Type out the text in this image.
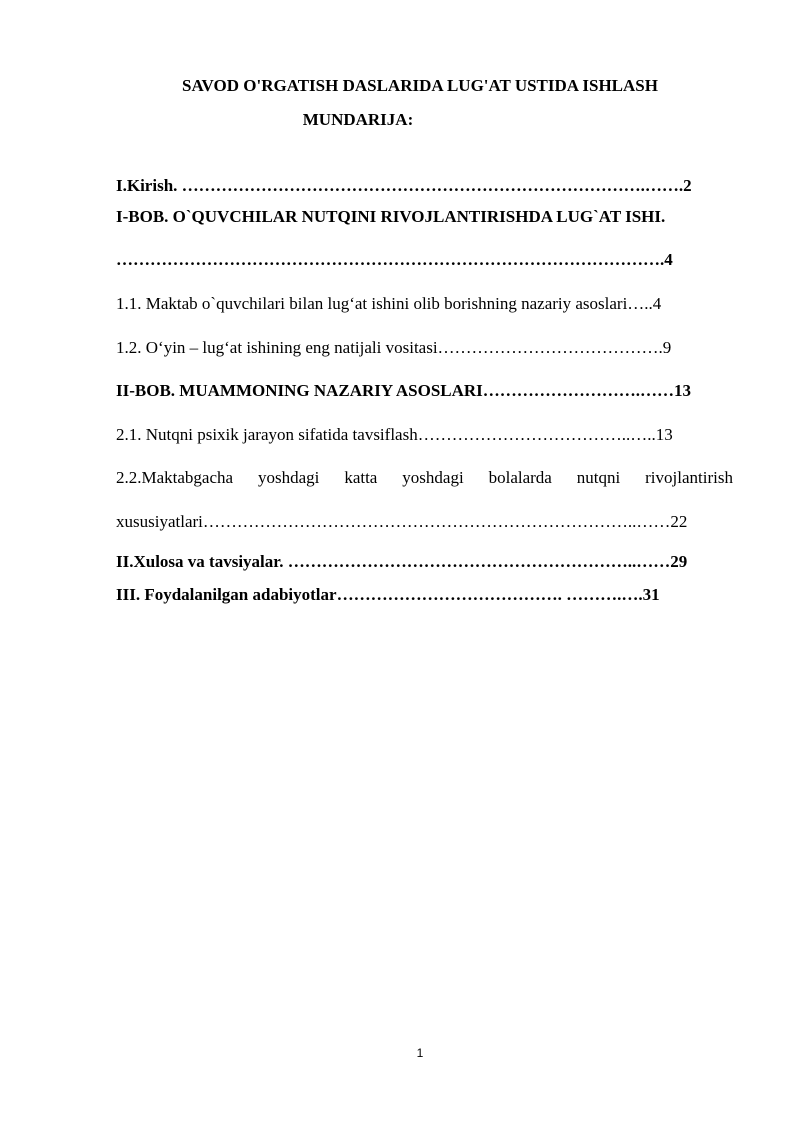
SAVOD O'RGATISH DASLARIDA LUG'AT USTIDA ISHLASH
MUNDARIJA:
I.Kirish. ……………………………………………………………………….…….2
I-BOB. O`QUVCHILAR NUTQINI RIVOJLANTIRISHDA LUG`AT ISHI.
…………………………………………………………………………………….4
1.1. Maktab o`quvchilari bilan lug‘at ishini olib borishning nazariy asoslari…..4
1.2. O‘yin – lug‘at ishining eng natijali vositasi………………………………….9
II-BOB. MUAMMONING NAZARIY ASOSLARI……………………….……13
2.1. Nutqni psixik jarayon sifatida tavsiflash………………………………..…..13
2.2.Maktabgacha yoshdagi katta yoshdagi bolalarda nutqni rivojlantirish
xususiyatlari…………………………………………………………………..……22
II.Xulosa va tavsiyalar. ……………………………………………………..……29
III. Foydalanilgan adabiyotlar…………………………………. ……….….31
1
